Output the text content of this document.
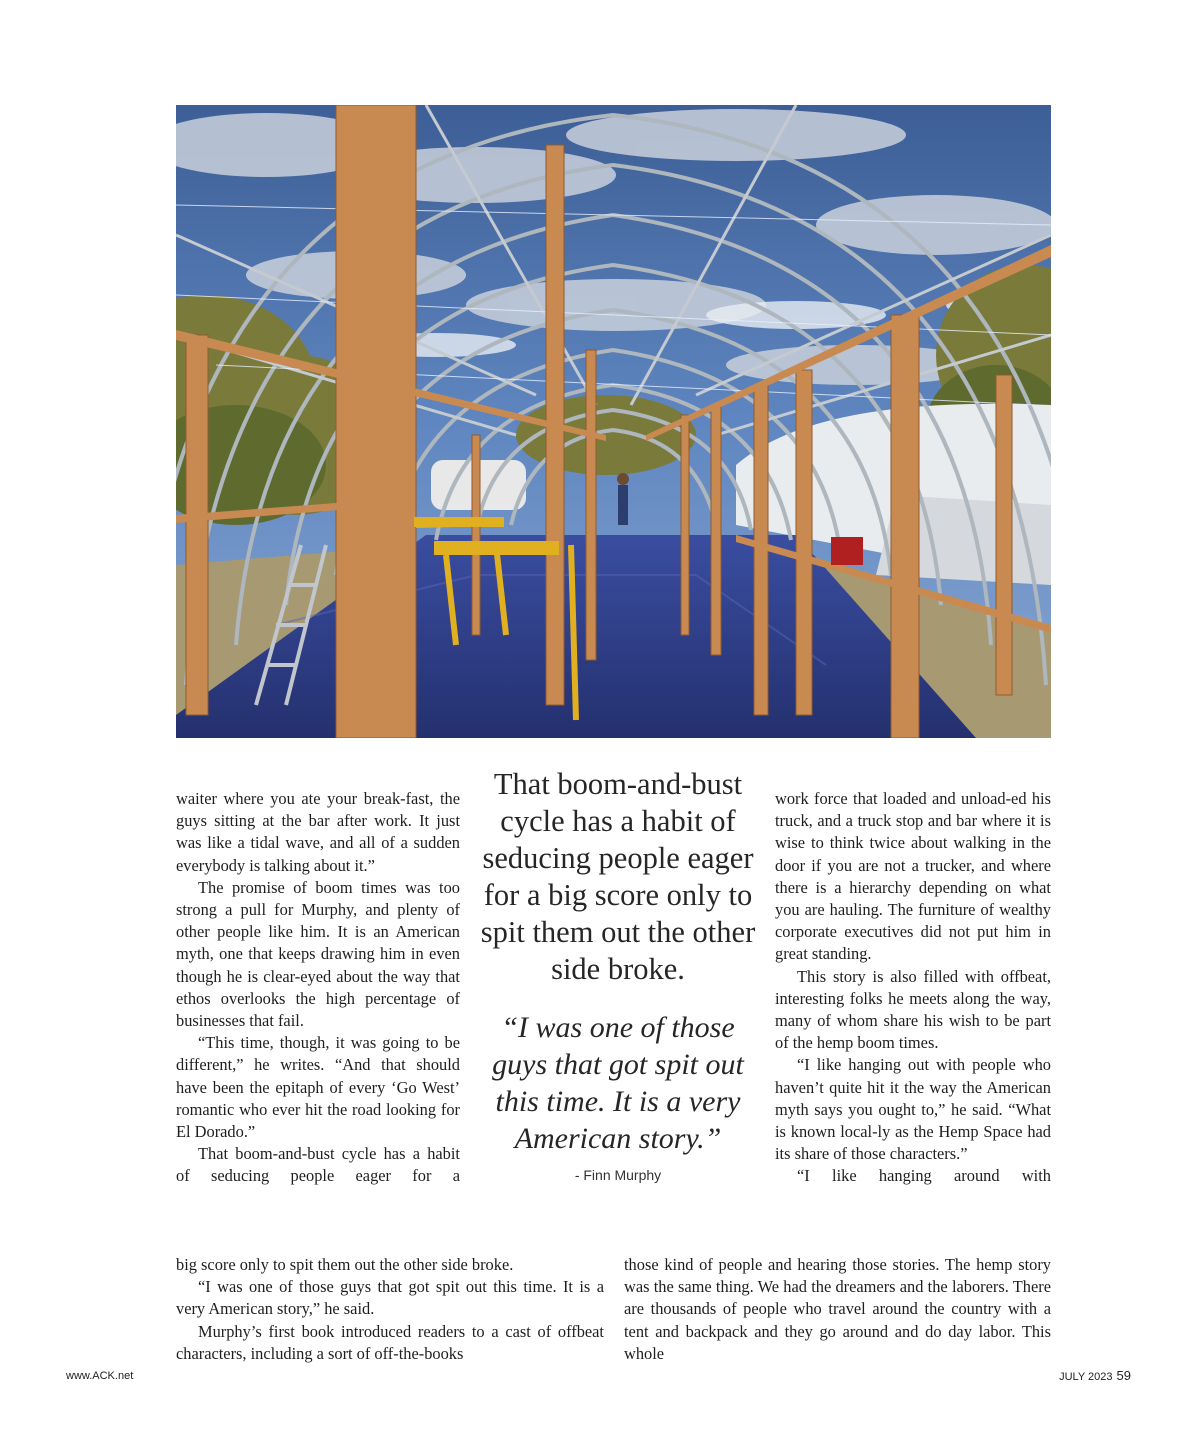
waiter where you ate your break-fast, the guys sitting at the bar after work. It just was like a tidal wave, and all of a sudden everybody is talking about it.”

The promise of boom times was too strong a pull for Murphy, and plenty of other people like him. It is an American myth, one that keeps drawing him in even though he is clear-eyed about the way that ethos overlooks the high percentage of businesses that fail.

“This time, though, it was going to be different,” he writes. “And that should have been the epitaph of every ‘Go West’ romantic who ever hit the road looking for El Dorado.”

That boom-and-bust cycle has a habit of seducing people eager for a

That boom-and-bust cycle has a habit of seducing people eager for a big score only to spit them out the other side broke.
“I was one of those guys that got spit out this time. It is a very American story.”
- Finn Murphy

work force that loaded and unload-ed his truck, and a truck stop and bar where it is wise to think twice about walking in the door if you are not a trucker, and where there is a hierarchy depending on what you are hauling. The furniture of wealthy corporate executives did not put him in great standing.

This story is also filled with offbeat, interesting folks he meets along the way, many of whom share his wish to be part of the hemp boom times.

“I like hanging out with people who haven’t quite hit it the way the American myth says you ought to,” he said. “What is known local-ly as the Hemp Space had its share of those characters.”

“I like hanging around with

big score only to spit them out the other side broke.

“I was one of those guys that got spit out this time. It is a very American story,” he said.

Murphy’s first book introduced readers to a cast of offbeat characters, including a sort of off-the-books

those kind of people and hearing those stories. The hemp story was the same thing. We had the dreamers and the laborers. There are thousands of people who travel around the country with a tent and backpack and they go around and do day labor. This whole

www.ACK.net	JULY 2023 59
